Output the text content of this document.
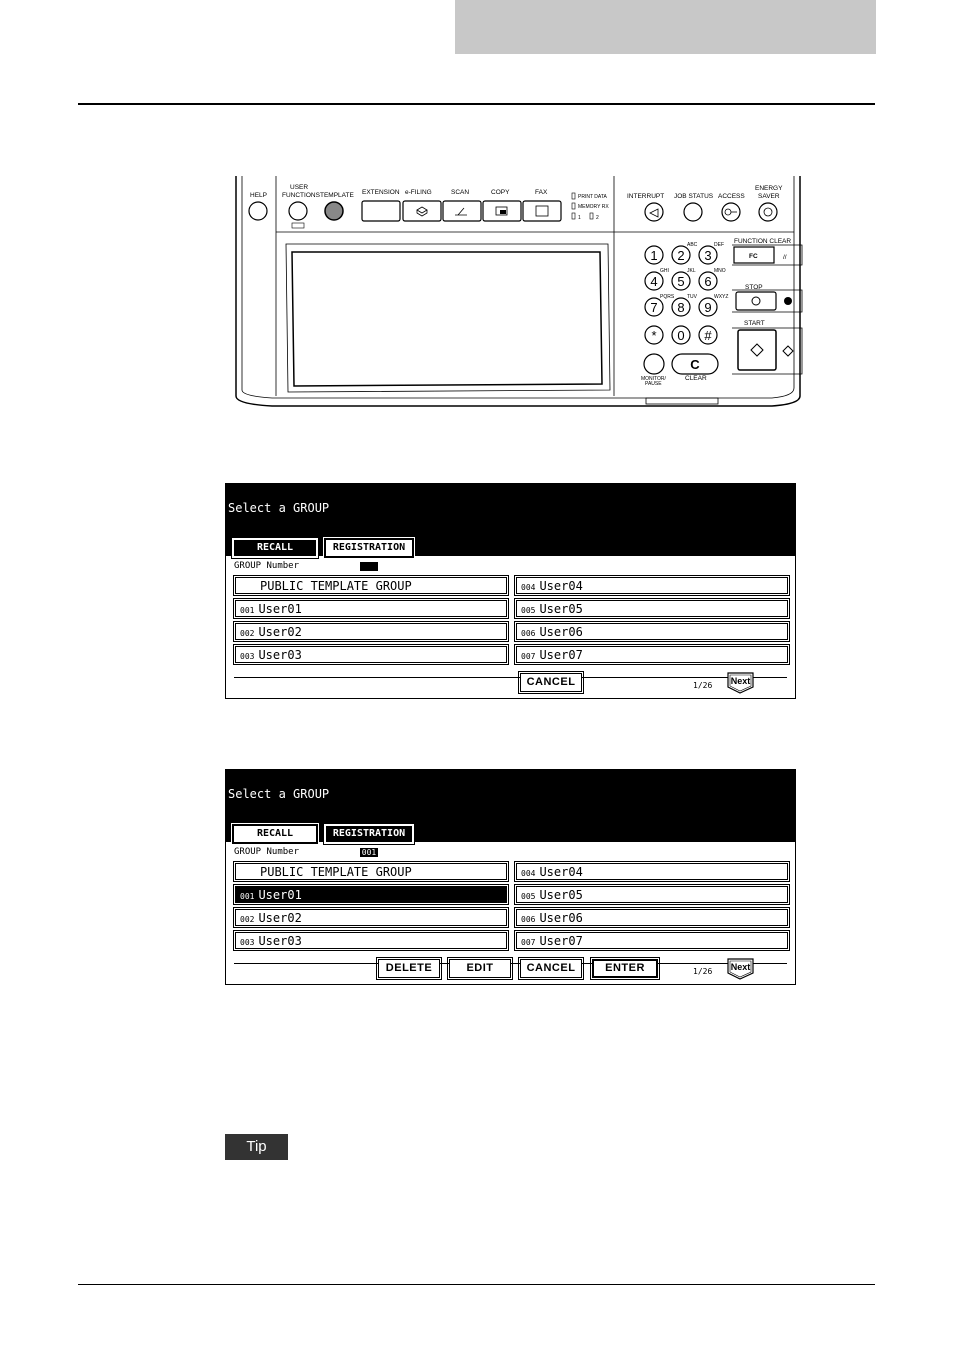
HELP
USER
FUNCTIONS TEMPLATE EXTENSION e-FILING	SCAN	COPY	FAX
PRINT DATA
MEMORY RX
1	2
INTERRUPT JOB STATUS ACCESS
ENERGY
SAVER
1 2
ABC
3
DEF
4
GHI
5
JKL
6
MNO
7
PQRS
8
TUV
9
WXYZ
* 0 #
MONITOR/
PAUSE
C
CLEAR
FUNCTION CLEAR
FC	//
STOP
START
Select a GROUP
RECALL	REGISTRATION
GROUP Number
PUBLIC TEMPLATE GROUP
001 User01
002 User02
003 User03
004 User04
005 User05
006 User06
007 User07
CANCEL	1/26 Next
Select a GROUP
RECALL	REGISTRATION
GROUP Number	001
PUBLIC TEMPLATE GROUP
001 User01
002 User02
003 User03
004 User04
005 User05
006 User06
007 User07
DELETE	EDIT	CANCEL	ENTER	1/26 Next
Tip
